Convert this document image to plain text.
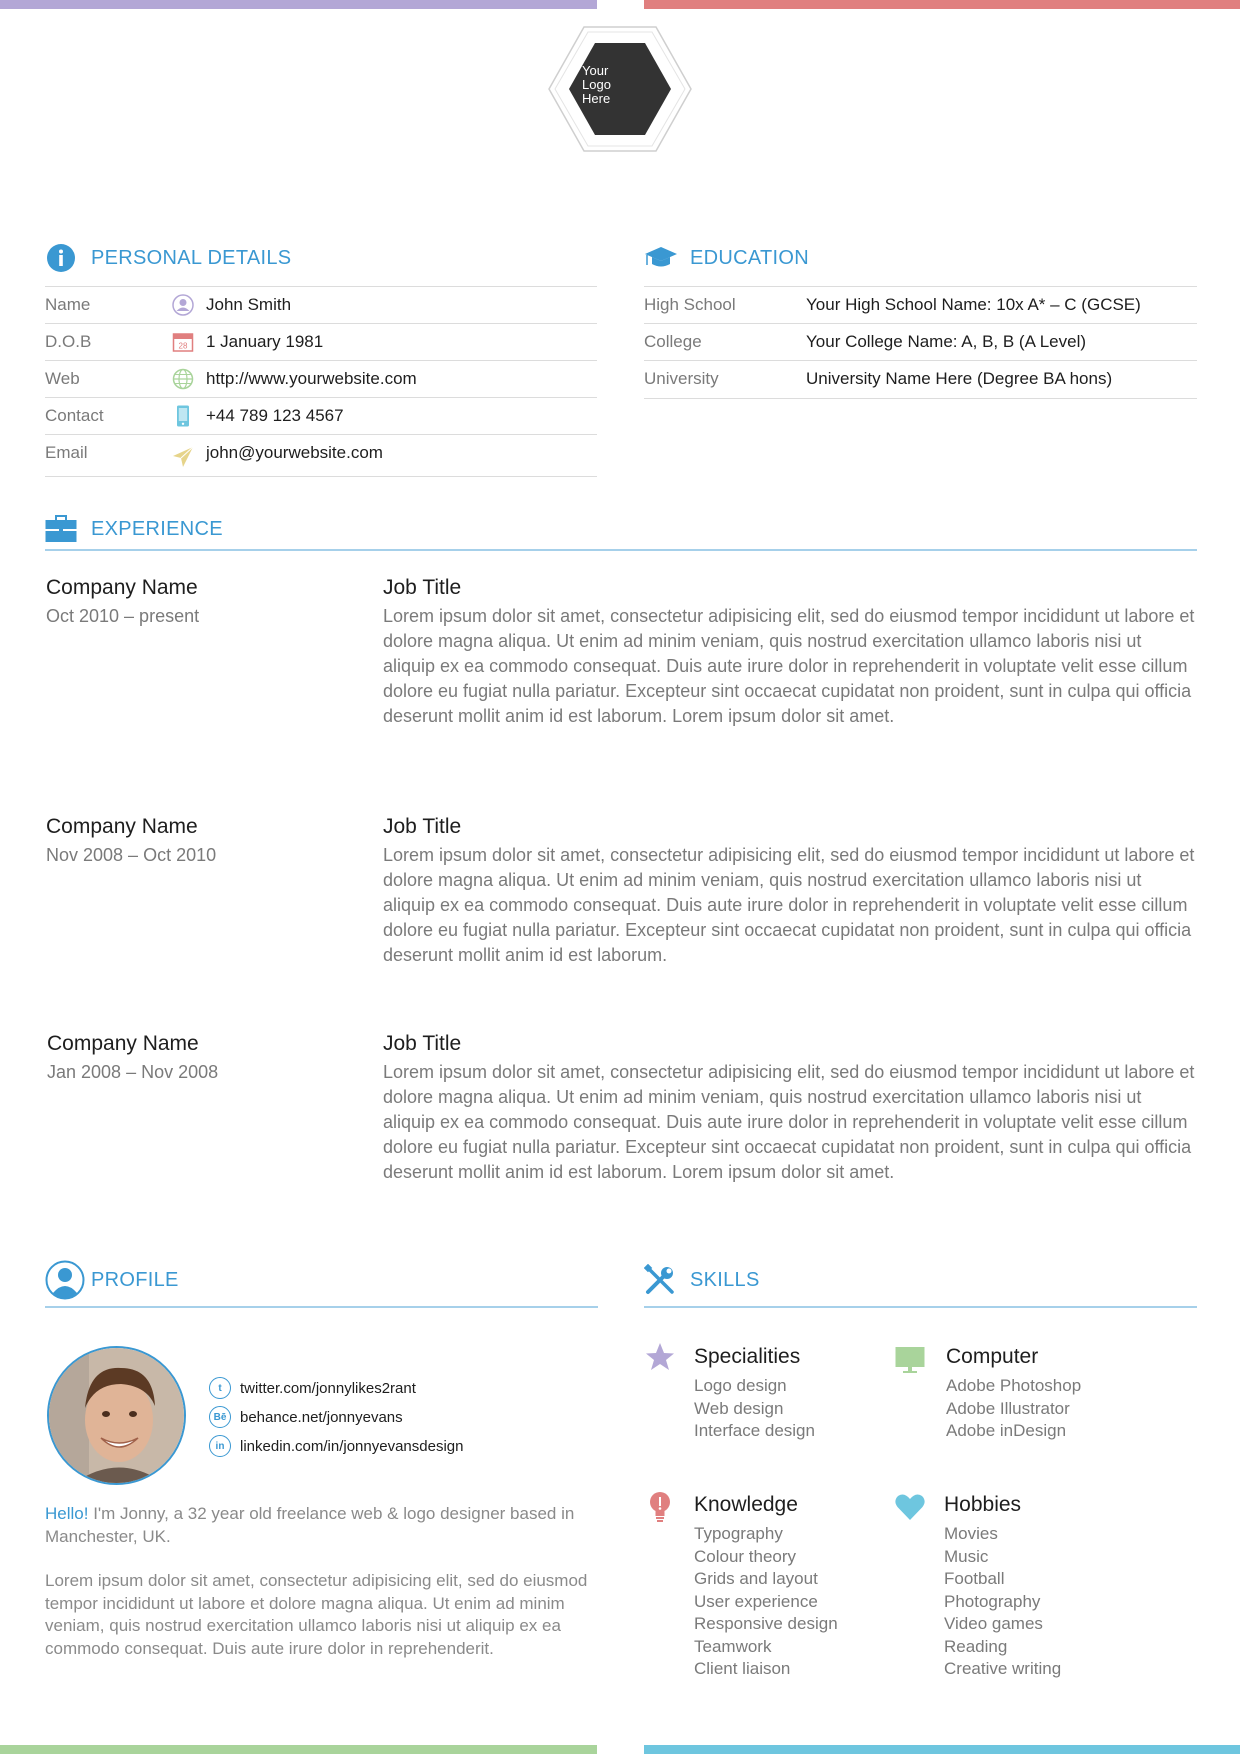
Your
Logo
Here
PERSONAL DETAILS
Name	John Smith
D.O.B	28 1 January 1981
Web	http://www.yourwebsite.com
Contact	+44 789 123 4567
Email	john@yourwebsite.com
EDUCATION
High School	Your High School Name: 10x A* – C (GCSE)
College	Your College Name: A, B, B (A Level)
University	University Name Here (Degree BA hons)
EXPERIENCE
Company Name
Oct 2010 – present
Job Title
Lorem ipsum dolor sit amet, consectetur adipisicing elit, sed do eiusmod tempor incididunt ut labore et dolore magna aliqua. Ut enim ad minim veniam, quis nostrud exercitation ullamco laboris nisi ut aliquip ex ea commodo consequat. Duis aute irure dolor in reprehenderit in voluptate velit esse cillum dolore eu fugiat nulla pariatur. Excepteur sint occaecat cupidatat non proident, sunt in culpa qui officia deserunt mollit anim id est laborum. Lorem ipsum dolor sit amet.
Company Name
Nov 2008 – Oct 2010
Job Title
Lorem ipsum dolor sit amet, consectetur adipisicing elit, sed do eiusmod tempor incididunt ut labore et dolore magna aliqua. Ut enim ad minim veniam, quis nostrud exercitation ullamco laboris nisi ut aliquip ex ea commodo consequat. Duis aute irure dolor in reprehenderit in voluptate velit esse cillum dolore eu fugiat nulla pariatur. Excepteur sint occaecat cupidatat non proident, sunt in culpa qui officia deserunt mollit anim id est laborum.
Company Name
Jan 2008 – Nov 2008
Job Title
Lorem ipsum dolor sit amet, consectetur adipisicing elit, sed do eiusmod tempor incididunt ut labore et dolore magna aliqua. Ut enim ad minim veniam, quis nostrud exercitation ullamco laboris nisi ut aliquip ex ea commodo consequat. Duis aute irure dolor in reprehenderit in voluptate velit esse cillum dolore eu fugiat nulla pariatur. Excepteur sint occaecat cupidatat non proident, sunt in culpa qui officia deserunt mollit anim id est laborum. Lorem ipsum dolor sit amet.
PROFILE
t	twitter.com/jonnylikes2rant
Bē behance.net/jonnyevans
in	linkedin.com/in/jonnyevansdesign
Hello! I'm Jonny, a 32 year old freelance web & logo designer based in Manchester, UK.
Lorem ipsum dolor sit amet, consectetur adipisicing elit, sed do eiusmod tempor incididunt ut labore et dolore magna aliqua. Ut enim ad minim veniam, quis nostrud exercitation ullamco laboris nisi ut aliquip ex ea commodo consequat. Duis aute irure dolor in reprehenderit.
SKILLS
Specialities
Logo design
Web design
Interface design
Computer
Adobe Photoshop
Adobe Illustrator
Adobe inDesign
Knowledge
Typography
Colour theory
Grids and layout
User experience
Responsive design
Teamwork
Client liaison
Hobbies
Movies
Music
Football
Photography
Video games
Reading
Creative writing
